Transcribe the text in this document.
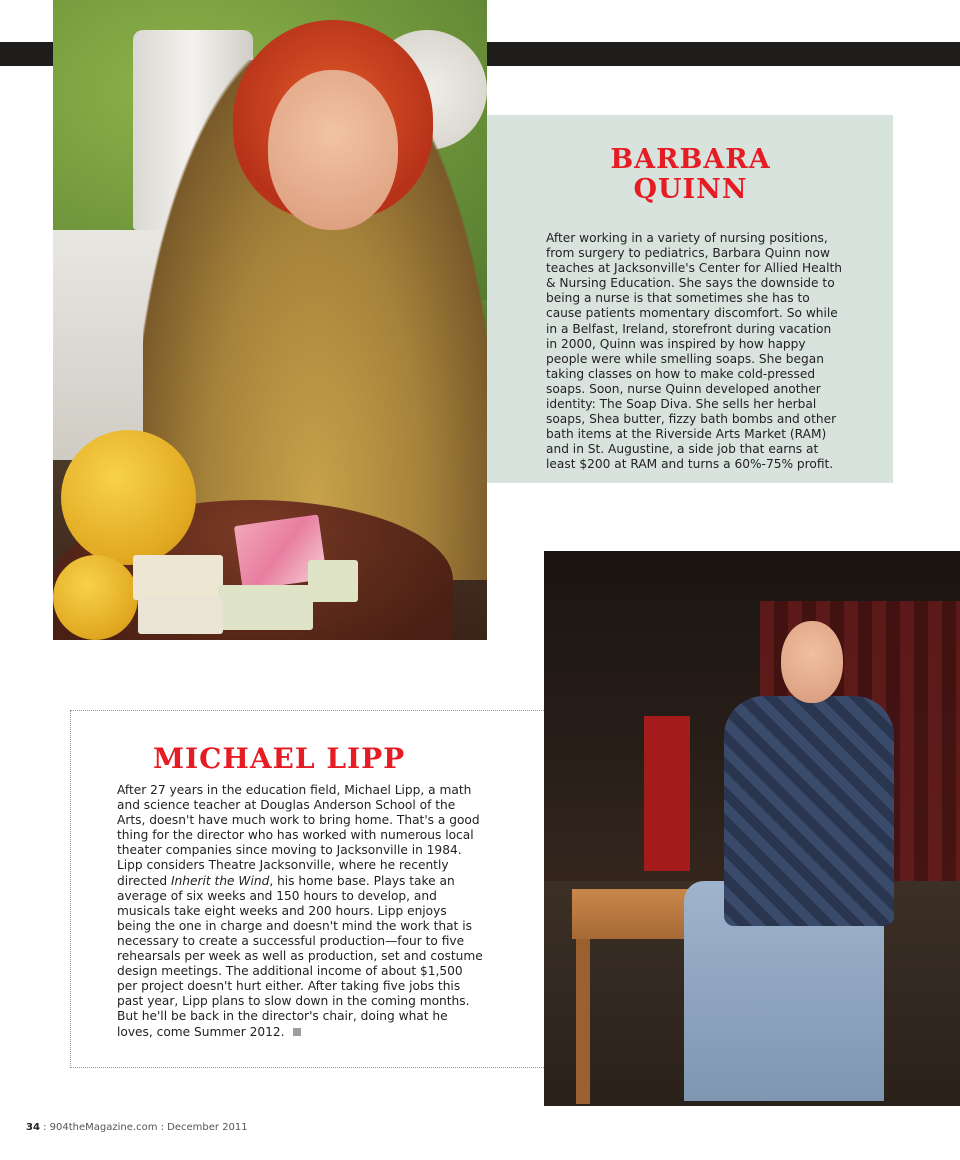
BARBARA
QUINN

After working in a variety of nursing positions, from surgery to pediatrics, Barbara Quinn now teaches at Jacksonville's Center for Allied Health & Nursing Education. She says the downside to being a nurse is that sometimes she has to cause patients momentary discomfort. So while in a Belfast, Ireland, storefront during vacation in 2000, Quinn was inspired by how happy people were while smelling soaps. She began taking classes on how to make cold-pressed soaps. Soon, nurse Quinn developed another identity: The Soap Diva. She sells her herbal soaps, Shea butter, fizzy bath bombs and other bath items at the Riverside Arts Market (RAM) and in St. Augustine, a side job that earns at least $200 at RAM and turns a 60%-75% profit.

MICHAEL LIPP

After 27 years in the education field, Michael Lipp, a math and science teacher at Douglas Anderson School of the Arts, doesn't have much work to bring home. That's a good thing for the director who has worked with numerous local theater companies since moving to Jacksonville in 1984. Lipp considers Theatre Jacksonville, where he recently directed Inherit the Wind, his home base. Plays take an average of six weeks and 150 hours to develop, and musicals take eight weeks and 200 hours. Lipp enjoys being the one in charge and doesn't mind the work that is necessary to create a successful production—four to five rehearsals per week as well as production, set and costume design meetings. The additional income of about $1,500 per project doesn't hurt either. After taking five jobs this past year, Lipp plans to slow down in the coming months. But he'll be back in the director's chair, doing what he loves, come Summer 2012.

34 : 904theMagazine.com : December 2011
